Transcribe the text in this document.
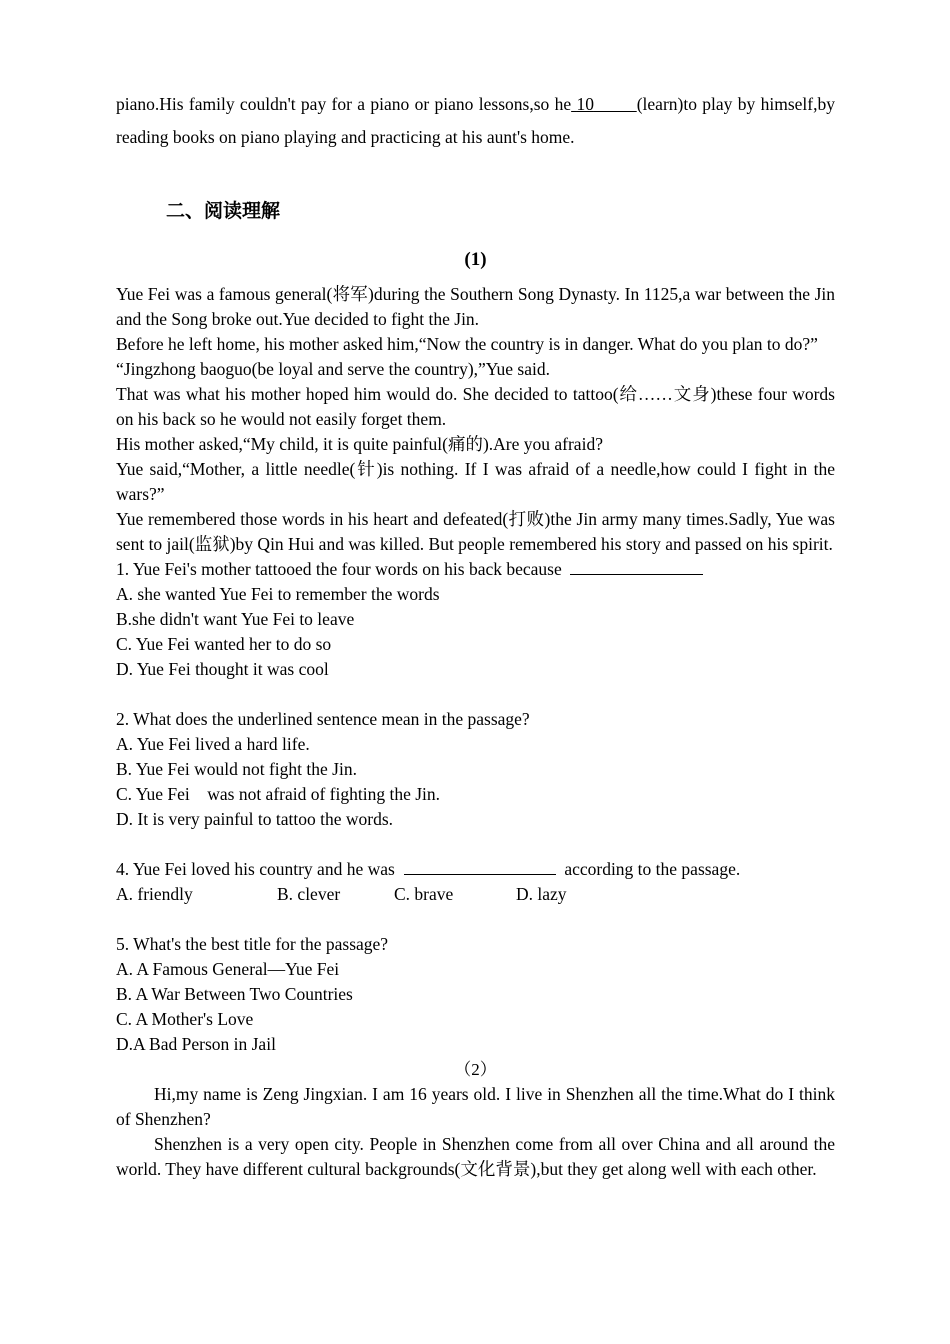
piano.His family couldn't pay for a piano or piano lessons,so he 10 (learn)to play by himself,by reading books on piano playing and practicing at his aunt's home.

二、阅读理解
(1)

Yue Fei was a famous general(将军)during the Southern Song Dynasty. In 1125,a war between the Jin and the Song broke out.Yue decided to fight the Jin.

Before he left home, his mother asked him,“Now the country is in danger. What do you plan to do?”

“Jingzhong baoguo(be loyal and serve the country),”Yue said.

That was what his mother hoped him would do. She decided to tattoo(给……文身)these four words on his back so he would not easily forget them.

His mother asked,“My child, it is quite painful(痛的).Are you afraid?

Yue said,“Mother, a little needle(针)is nothing. If I was afraid of a needle,how could I fight in the wars?”

Yue remembered those words in his heart and defeated(打败)the Jin army many times.Sadly, Yue was sent to jail(监狱)by Qin Hui and was killed. But people remembered his story and passed on his spirit.

1. Yue Fei's mother tattooed the four words on his back because

A. she wanted Yue Fei to remember the words

B.she didn't want Yue Fei to leave

C. Yue Fei wanted her to do so

D. Yue Fei thought it was cool

2. What does the underlined sentence mean in the passage?

A. Yue Fei lived a hard life.

B. Yue Fei would not fight the Jin.

C. Yue Fei　was not afraid of fighting the Jin.

D. It is very painful to tattoo the words.

4. Yue Fei loved his country and he was	according to the passage.

A. friendly	B. clever	C. brave	D. lazy

5. What's the best title for the passage?

A. A Famous General—Yue Fei

B. A War Between Two Countries

C. A Mother's Love

D.A Bad Person in Jail

（2）

Hi,my name is Zeng Jingxian. I am 16 years old. I live in Shenzhen all the time.What do I think of Shenzhen?

Shenzhen is a very open city. People in Shenzhen come from all over China and all around the world. They have different cultural backgrounds(文化背景),but they get along well with each other.
